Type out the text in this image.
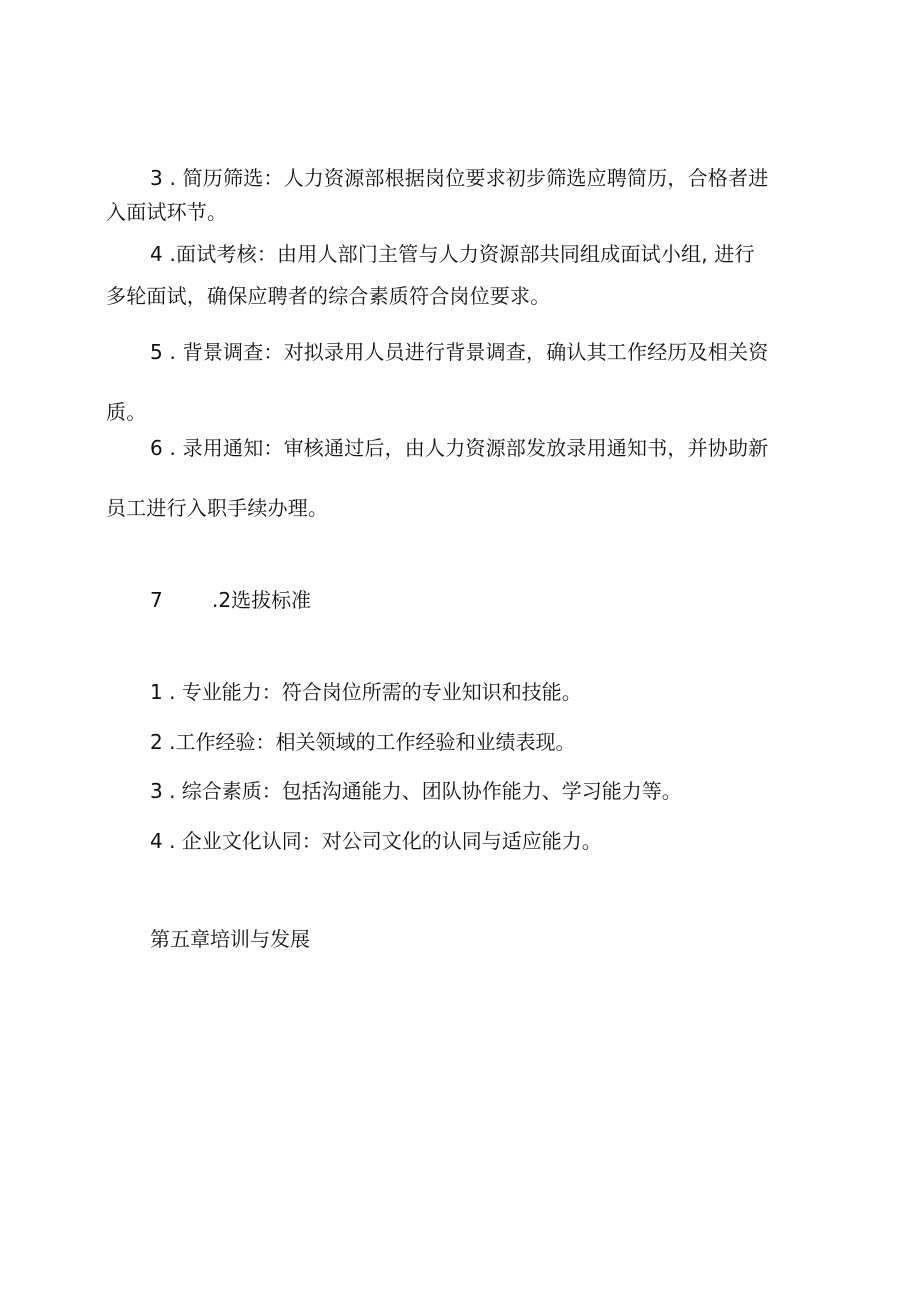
3 . 简历筛选：人力资源部根据岗位要求初步筛选应聘简历，合格者进
入面试环节。
4 .面试考核：由用人部门主管与人力资源部共同组成面试小组, 进行
多轮面试，确保应聘者的综合素质符合岗位要求。
5 . 背景调查：对拟录用人员进行背景调查，确认其工作经历及相关资
质。
6 . 录用通知：审核通过后，由人力资源部发放录用通知书，并协助新
员工进行入职手续办理。
7 .2选拔标准
1 . 专业能力：符合岗位所需的专业知识和技能。
2 .工作经验：相关领域的工作经验和业绩表现。
3 . 综合素质：包括沟通能力、团队协作能力、学习能力等。
4 . 企业文化认同：对公司文化的认同与适应能力。
第五章培训与发展
